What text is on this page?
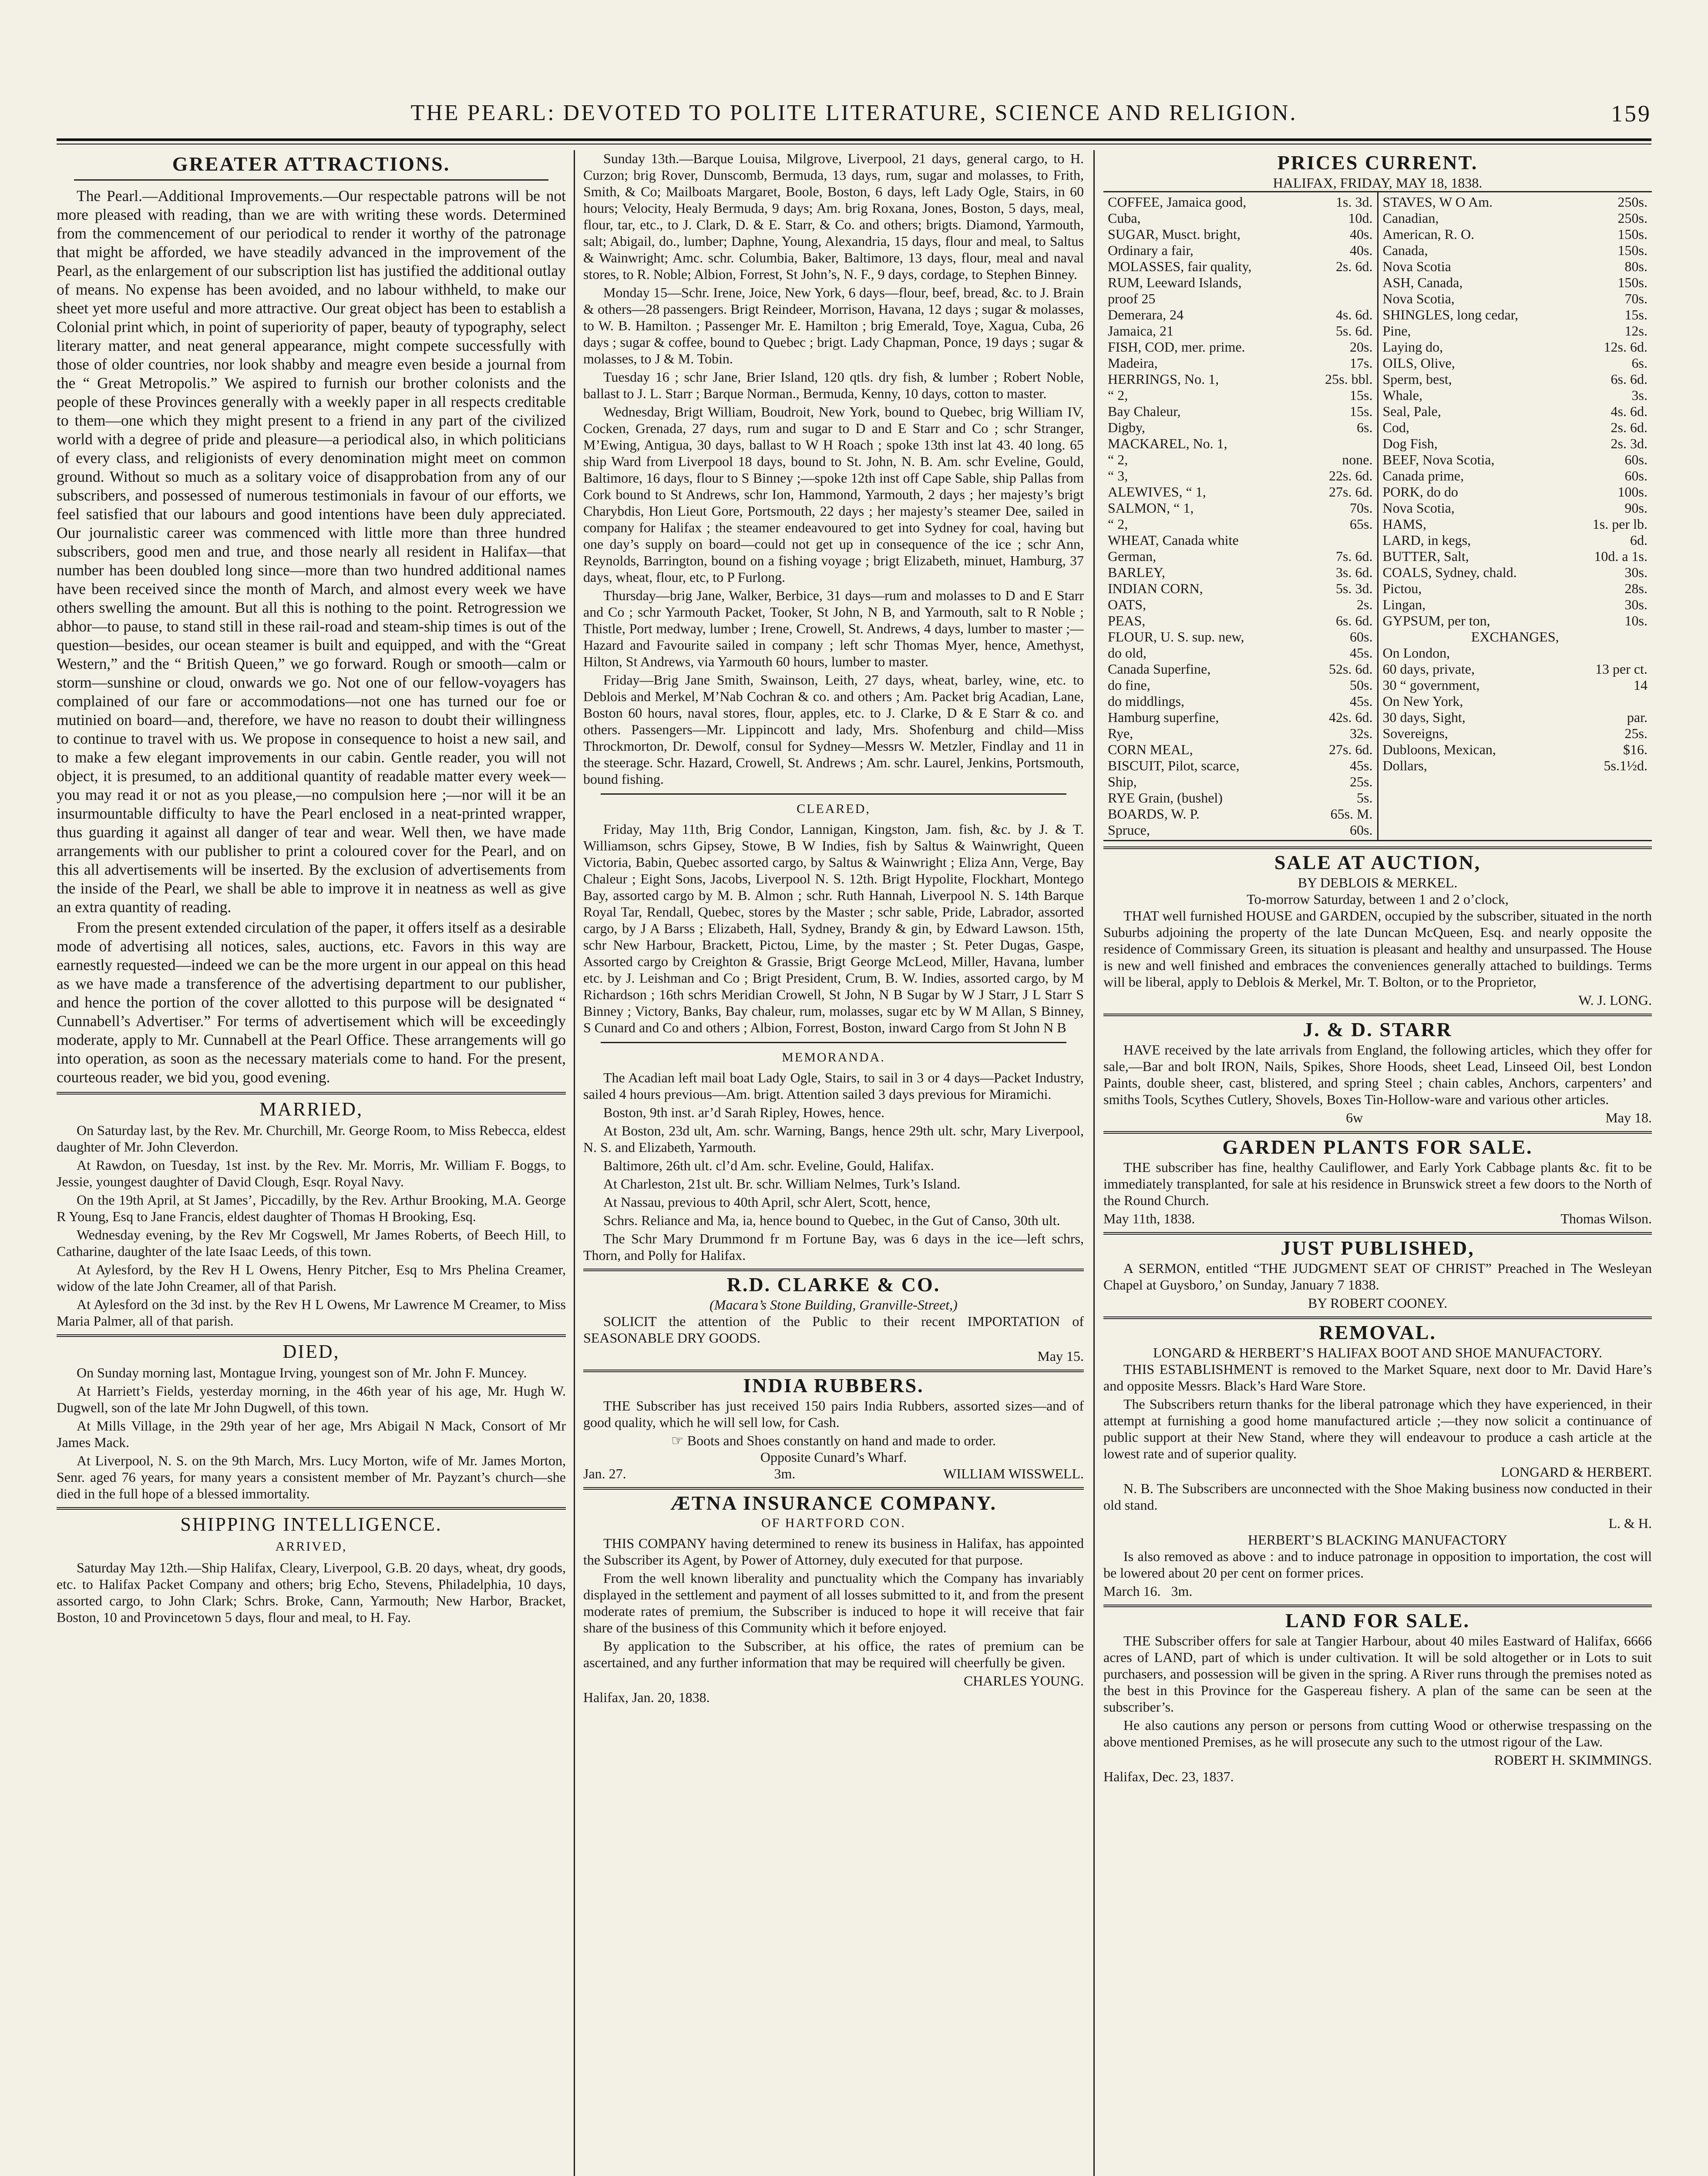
THE PEARL: DEVOTED TO POLITE LITERATURE, SCIENCE AND RELIGION.	159
GREATER ATTRACTIONS.

The Pearl.—Additional Improvements.—Our respectable patrons will be not more pleased with reading, than we are with writing these words. Determined from the commencement of our periodical to render it worthy of the patronage that might be afforded, we have steadily advanced in the improvement of the Pearl, as the enlargement of our subscription list has justified the additional outlay of means. No expense has been avoided, and no labour withheld, to make our sheet yet more useful and more attractive. Our great object has been to establish a Colonial print which, in point of superiority of paper, beauty of typography, select literary matter, and neat general appearance, might compete successfully with those of older countries, nor look shabby and meagre even beside a journal from the “ Great Metropolis.” We aspired to furnish our brother colonists and the people of these Provinces generally with a weekly paper in all respects creditable to them—one which they might present to a friend in any part of the civilized world with a degree of pride and pleasure—a periodical also, in which politicians of every class, and religionists of every denomination might meet on common ground. Without so much as a solitary voice of disapprobation from any of our subscribers, and possessed of numerous testimonials in favour of our efforts, we feel satisfied that our labours and good intentions have been duly appreciated. Our journalistic career was commenced with little more than three hundred subscribers, good men and true, and those nearly all resident in Halifax—that number has been doubled long since—more than two hundred additional names have been received since the month of March, and almost every week we have others swelling the amount. But all this is nothing to the point. Retrogression we abhor—to pause, to stand still in these rail-road and steam-ship times is out of the question—besides, our ocean steamer is built and equipped, and with the “Great Western,” and the “ British Queen,” we go forward. Rough or smooth—calm or storm—sunshine or cloud, onwards we go. Not one of our fellow-voyagers has complained of our fare or accommodations—not one has turned our foe or mutinied on board—and, therefore, we have no reason to doubt their willingness to continue to travel with us. We propose in consequence to hoist a new sail, and to make a few elegant improvements in our cabin. Gentle reader, you will not object, it is presumed, to an additional quantity of readable matter every week—you may read it or not as you please,—no compulsion here ;—nor will it be an insurmountable difficulty to have the Pearl enclosed in a neat-printed wrapper, thus guarding it against all danger of tear and wear. Well then, we have made arrangements with our publisher to print a coloured cover for the Pearl, and on this all advertisements will be inserted. By the exclusion of advertisements from the inside of the Pearl, we shall be able to improve it in neatness as well as give an extra quantity of reading.

From the present extended circulation of the paper, it offers itself as a desirable mode of advertising all notices, sales, auctions, etc. Favors in this way are earnestly requested—indeed we can be the more urgent in our appeal on this head as we have made a transference of the advertising department to our publisher, and hence the portion of the cover allotted to this purpose will be designated “ Cunnabell’s Advertiser.” For terms of advertisement which will be exceedingly moderate, apply to Mr. Cunnabell at the Pearl Office. These arrangements will go into operation, as soon as the necessary materials come to hand. For the present, courteous reader, we bid you, good evening.

MARRIED,

On Saturday last, by the Rev. Mr. Churchill, Mr. George Room, to Miss Rebecca, eldest daughter of Mr. John Cleverdon.

At Rawdon, on Tuesday, 1st inst. by the Rev. Mr. Morris, Mr. William F. Boggs, to Jessie, youngest daughter of David Clough, Esqr. Royal Navy.

On the 19th April, at St James’, Piccadilly, by the Rev. Arthur Brooking, M.A. George R Young, Esq to Jane Francis, eldest daughter of Thomas H Brooking, Esq.

Wednesday evening, by the Rev Mr Cogswell, Mr James Roberts, of Beech Hill, to Catharine, daughter of the late Isaac Leeds, of this town.

At Aylesford, by the Rev H L Owens, Henry Pitcher, Esq to Mrs Phelina Creamer, widow of the late John Creamer, all of that Parish.

At Aylesford on the 3d inst. by the Rev H L Owens, Mr Lawrence M Creamer, to Miss Maria Palmer, all of that parish.

DIED,

On Sunday morning last, Montague Irving, youngest son of Mr. John F. Muncey.

At Harriett’s Fields, yesterday morning, in the 46th year of his age, Mr. Hugh W. Dugwell, son of the late Mr John Dugwell, of this town.

At Mills Village, in the 29th year of her age, Mrs Abigail N Mack, Consort of Mr James Mack.

At Liverpool, N. S. on the 9th March, Mrs. Lucy Morton, wife of Mr. James Morton, Senr. aged 76 years, for many years a consistent member of Mr. Payzant’s church—she died in the full hope of a blessed immortality.

SHIPPING INTELLIGENCE.
ARRIVED,

Saturday May 12th.—Ship Halifax, Cleary, Liverpool, G.B. 20 days, wheat, dry goods, etc. to Halifax Packet Company and others; brig Echo, Stevens, Philadelphia, 10 days, assorted cargo, to John Clark; Schrs. Broke, Cann, Yarmouth; New Harbor, Bracket, Boston, 10 and Provincetown 5 days, flour and meal, to H. Fay.

Sunday 13th.—Barque Louisa, Milgrove, Liverpool, 21 days, general cargo, to H. Curzon; brig Rover, Dunscomb, Bermuda, 13 days, rum, sugar and molasses, to Frith, Smith, & Co; Mailboats Margaret, Boole, Boston, 6 days, left Lady Ogle, Stairs, in 60 hours; Velocity, Healy Bermuda, 9 days; Am. brig Roxana, Jones, Boston, 5 days, meal, flour, tar, etc., to J. Clark, D. & E. Starr, & Co. and others; brigts. Diamond, Yarmouth, salt; Abigail, do., lumber; Daphne, Young, Alexandria, 15 days, flour and meal, to Saltus & Wainwright; Amc. schr. Columbia, Baker, Baltimore, 13 days, flour, meal and naval stores, to R. Noble; Albion, Forrest, St John’s, N. F., 9 days, cordage, to Stephen Binney.

Monday 15—Schr. Irene, Joice, New York, 6 days—flour, beef, bread, &c. to J. Brain & others—28 passengers. Brigt Reindeer, Morrison, Havana, 12 days ; sugar & molasses, to W. B. Hamilton. ; Passenger Mr. E. Hamilton ; brig Emerald, Toye, Xagua, Cuba, 26 days ; sugar & coffee, bound to Quebec ; brigt. Lady Chapman, Ponce, 19 days ; sugar & molasses, to J & M. Tobin.

Tuesday 16 ; schr Jane, Brier Island, 120 qtls. dry fish, & lumber ; Robert Noble, ballast to J. L. Starr ; Barque Norman., Bermuda, Kenny, 10 days, cotton to master.

Wednesday, Brigt William, Boudroit, New York, bound to Quebec, brig William IV, Cocken, Grenada, 27 days, rum and sugar to D and E Starr and Co ; schr Stranger, M’Ewing, Antigua, 30 days, ballast to W H Roach ; spoke 13th inst lat 43. 40 long. 65 ship Ward from Liverpool 18 days, bound to St. John, N. B. Am. schr Eveline, Gould, Baltimore, 16 days, flour to S Binney ;—spoke 12th inst off Cape Sable, ship Pallas from Cork bound to St Andrews, schr Ion, Hammond, Yarmouth, 2 days ; her majesty’s brigt Charybdis, Hon Lieut Gore, Portsmouth, 22 days ; her majesty’s steamer Dee, sailed in company for Halifax ; the steamer endeavoured to get into Sydney for coal, having but one day’s supply on board—could not get up in consequence of the ice ; schr Ann, Reynolds, Barrington, bound on a fishing voyage ; brigt Elizabeth, minuet, Hamburg, 37 days, wheat, flour, etc, to P Furlong.

Thursday—brig Jane, Walker, Berbice, 31 days—rum and molasses to D and E Starr and Co ; schr Yarmouth Packet, Tooker, St John, N B, and Yarmouth, salt to R Noble ; Thistle, Port medway, lumber ; Irene, Crowell, St. Andrews, 4 days, lumber to master ;—Hazard and Favourite sailed in company ; left schr Thomas Myer, hence, Amethyst, Hilton, St Andrews, via Yarmouth 60 hours, lumber to master.

Friday—Brig Jane Smith, Swainson, Leith, 27 days, wheat, barley, wine, etc. to Deblois and Merkel, M’Nab Cochran & co. and others ; Am. Packet brig Acadian, Lane, Boston 60 hours, naval stores, flour, apples, etc. to J. Clarke, D & E Starr & co. and others. Passengers—Mr. Lippincott and lady, Mrs. Shofenburg and child—Miss Throckmorton, Dr. Dewolf, consul for Sydney—Messrs W. Metzler, Findlay and 11 in the steerage. Schr. Hazard, Crowell, St. Andrews ; Am. schr. Laurel, Jenkins, Portsmouth, bound fishing.

CLEARED,

Friday, May 11th, Brig Condor, Lannigan, Kingston, Jam. fish, &c. by J. & T. Williamson, schrs Gipsey, Stowe, B W Indies, fish by Saltus & Wainwright, Queen Victoria, Babin, Quebec assorted cargo, by Saltus & Wainwright ; Eliza Ann, Verge, Bay Chaleur ; Eight Sons, Jacobs, Liverpool N. S. 12th. Brigt Hypolite, Flockhart, Montego Bay, assorted cargo by M. B. Almon ; schr. Ruth Hannah, Liverpool N. S. 14th Barque Royal Tar, Rendall, Quebec, stores by the Master ; schr sable, Pride, Labrador, assorted cargo, by J A Barss ; Elizabeth, Hall, Sydney, Brandy & gin, by Edward Lawson. 15th, schr New Harbour, Brackett, Pictou, Lime, by the master ; St. Peter Dugas, Gaspe, Assorted cargo by Creighton & Grassie, Brigt George McLeod, Miller, Havana, lumber etc. by J. Leishman and Co ; Brigt President, Crum, B. W. Indies, assorted cargo, by M Richardson ; 16th schrs Meridian Crowell, St John, N B Sugar by W J Starr, J L Starr S Binney ; Victory, Banks, Bay chaleur, rum, molasses, sugar etc by W M Allan, S Binney, S Cunard and Co and others ; Albion, Forrest, Boston, inward Cargo from St John N B

MEMORANDA.

The Acadian left mail boat Lady Ogle, Stairs, to sail in 3 or 4 days—Packet Industry, sailed 4 hours previous—Am. brigt. Attention sailed 3 days previous for Miramichi.

Boston, 9th inst. ar’d Sarah Ripley, Howes, hence.

At Boston, 23d ult, Am. schr. Warning, Bangs, hence 29th ult. schr, Mary Liverpool, N. S. and Elizabeth, Yarmouth.

Baltimore, 26th ult. cl’d Am. schr. Eveline, Gould, Halifax.

At Charleston, 21st ult. Br. schr. William Nelmes, Turk’s Island.

At Nassau, previous to 40th April, schr Alert, Scott, hence,

Schrs. Reliance and Ma, ia, hence bound to Quebec, in the Gut of Canso, 30th ult.

The Schr Mary Drummond fr m Fortune Bay, was 6 days in the ice—left schrs, Thorn, and Polly for Halifax.

R.D. CLARKE & CO.
(Macara’s Stone Building, Granville-Street,)

SOLICIT the attention of the Public to their recent IMPORTATION of SEASONABLE DRY GOODS.

May 15.
INDIA RUBBERS.

THE Subscriber has just received 150 pairs India Rubbers, assorted sizes—and of good quality, which he will sell low, for Cash.

☞ Boots and Shoes constantly on hand and made to order.
Opposite Cunard’s Wharf.
Jan. 27.	3m.	WILLIAM WISSWELL.
ÆTNA INSURANCE COMPANY.
OF HARTFORD CON.

THIS COMPANY having determined to renew its business in Halifax, has appointed the Subscriber its Agent, by Power of Attorney, duly executed for that purpose.

From the well known liberality and punctuality which the Company has invariably displayed in the settlement and payment of all losses submitted to it, and from the present moderate rates of premium, the Subscriber is induced to hope it will receive that fair share of the business of this Community which it before enjoyed.

By application to the Subscriber, at his office, the rates of premium can be ascertained, and any further information that may be required will cheerfully be given.

CHARLES YOUNG.
Halifax, Jan. 20, 1838.
PRICES CURRENT.
HALIFAX, FRIDAY, MAY 18, 1838.
COFFEE, Jamaica good,	1s. 3d.
Cuba,	10d.
SUGAR, Musct. bright,	40s.
Ordinary a fair,	40s.
MOLASSES, fair quality,	2s. 6d.
RUM, Leeward Islands,
proof 25
Demerara, 24	4s. 6d.
Jamaica, 21	5s. 6d.
FISH, COD, mer. prime.	20s.
Madeira,	17s.
HERRINGS, No. 1,	25s. bbl.
“ 2,	15s.
Bay Chaleur,	15s.
Digby,	6s.
MACKAREL, No. 1,
“ 2,	none.
“ 3,	22s. 6d.
ALEWIVES, “ 1,	27s. 6d.
SALMON, “ 1,	70s.
“ 2,	65s.
WHEAT, Canada white
German,	7s. 6d.
BARLEY,	3s. 6d.
INDIAN CORN,	5s. 3d.
OATS,	2s.
PEAS,	6s. 6d.
FLOUR, U. S. sup. new,	60s.
do old,	45s.
Canada Superfine,	52s. 6d.
do fine,	50s.
do middlings,	45s.
Hamburg superfine,	42s. 6d.
Rye,	32s.
CORN MEAL,	27s. 6d.
BISCUIT, Pilot, scarce,	45s.
Ship,	25s.
RYE Grain, (bushel)	5s.
BOARDS, W. P.	65s. M.
Spruce,	60s.
STAVES, W O Am.	250s.
Canadian,	250s.
American, R. O.	150s.
Canada,	150s.
Nova Scotia	80s.
ASH, Canada,	150s.
Nova Scotia,	70s.
SHINGLES, long cedar,	15s.
Pine,	12s.
Laying do,	12s. 6d.
OILS, Olive,	6s.
Sperm, best,	6s. 6d.
Whale,	3s.
Seal, Pale,	4s. 6d.
Cod,	2s. 6d.
Dog Fish,	2s. 3d.
BEEF, Nova Scotia,	60s.
Canada prime,	60s.
PORK, do do	100s.
Nova Scotia,	90s.
HAMS,	1s. per lb.
LARD, in kegs,	6d.
BUTTER, Salt,	10d. a 1s.
COALS, Sydney, chald.	30s.
Pictou,	28s.
Lingan,	30s.
GYPSUM, per ton,	10s.
EXCHANGES,
On London,
60 days, private,	13 per ct.
30 “ government,	14
On New York,
30 days, Sight,	par.
Sovereigns,	25s.
Dubloons, Mexican,	$16.
Dollars,	5s.1½d.
SALE AT AUCTION,
BY DEBLOIS & MERKEL.
To-morrow Saturday, between 1 and 2 o’clock,

THAT well furnished HOUSE and GARDEN, occupied by the subscriber, situated in the north Suburbs adjoining the property of the late Duncan McQueen, Esq. and nearly opposite the residence of Commissary Green, its situation is pleasant and healthy and unsurpassed. The House is new and well finished and embraces the conveniences generally attached to buildings. Terms will be liberal, apply to Deblois & Merkel, Mr. T. Bolton, or to the Proprietor,

W. J. LONG.
J. & D. STARR

HAVE received by the late arrivals from England, the following articles, which they offer for sale,—Bar and bolt IRON, Nails, Spikes, Shore Hoods, sheet Lead, Linseed Oil, best London Paints, double sheer, cast, blistered, and spring Steel ; chain cables, Anchors, carpenters’ and smiths Tools, Scythes Cutlery, Shovels, Boxes Tin-Hollow-ware and various other articles.

6w	May 18.
GARDEN PLANTS FOR SALE.

THE subscriber has fine, healthy Cauliflower, and Early York Cabbage plants &c. fit to be immediately transplanted, for sale at his residence in Brunswick street a few doors to the North of the Round Church.

May 11th, 1838.	Thomas Wilson.
JUST PUBLISHED,

A SERMON, entitled “THE JUDGMENT SEAT OF CHRIST” Preached in The Wesleyan Chapel at Guysboro,’ on Sunday, January 7 1838.

BY ROBERT COONEY.
REMOVAL.
LONGARD & HERBERT’S HALIFAX BOOT AND SHOE MANUFACTORY.

THIS ESTABLISHMENT is removed to the Market Square, next door to Mr. David Hare’s and opposite Messrs. Black’s Hard Ware Store.

The Subscribers return thanks for the liberal patronage which they have experienced, in their attempt at furnishing a good home manufactured article ;—they now solicit a continuance of public support at their New Stand, where they will endeavour to produce a cash article at the lowest rate and of superior quality.

LONGARD & HERBERT.

N. B. The Subscribers are unconnected with the Shoe Making business now conducted in their old stand.

L. & H.
HERBERT’S BLACKING MANUFACTORY

Is also removed as above : and to induce patronage in opposition to importation, the cost will be lowered about 20 per cent on former prices.

March 16. 3m.
LAND FOR SALE.

THE Subscriber offers for sale at Tangier Harbour, about 40 miles Eastward of Halifax, 6666 acres of LAND, part of which is under cultivation. It will be sold altogether or in Lots to suit purchasers, and possession will be given in the spring. A River runs through the premises noted as the best in this Province for the Gaspereau fishery. A plan of the same can be seen at the subscriber’s.

He also cautions any person or persons from cutting Wood or otherwise trespassing on the above mentioned Premises, as he will prosecute any such to the utmost rigour of the Law.

ROBERT H. SKIMMINGS.
Halifax, Dec. 23, 1837.
